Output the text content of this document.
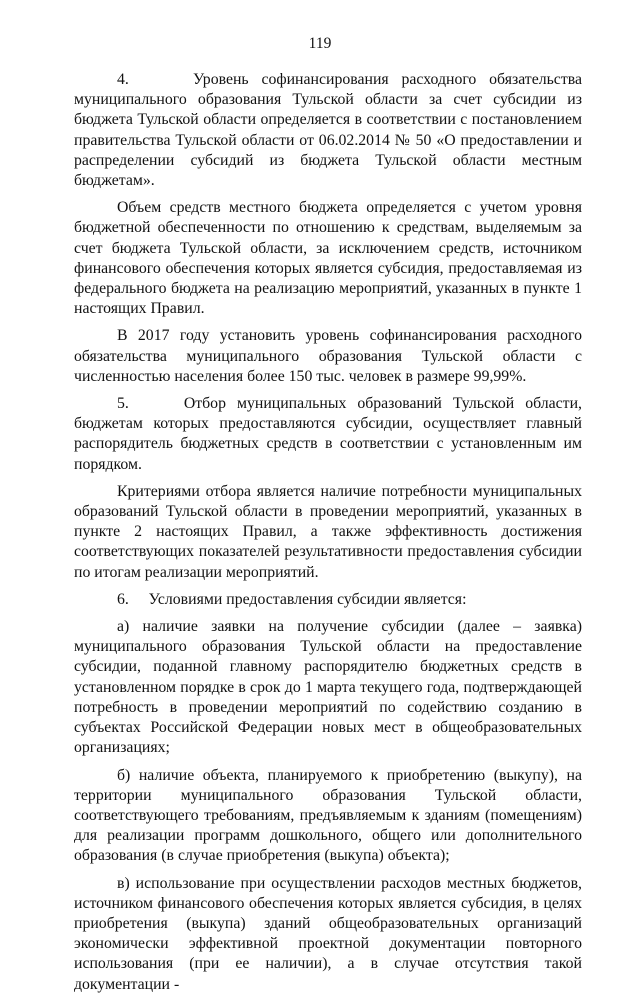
119

4.     Уровень софинансирования расходного обязательства муниципального образования Тульской области за счет субсидии из бюджета Тульской области определяется в соответствии с постановлением правительства Тульской области от 06.02.2014 № 50 «О предоставлении и распределении субсидий из бюджета Тульской области местным бюджетам».

Объем средств местного бюджета определяется с учетом уровня бюджетной обеспеченности по отношению к средствам, выделяемым за счет бюджета Тульской области, за исключением средств, источником финансового обеспечения которых является субсидия, предоставляемая из федерального бюджета на реализацию мероприятий, указанных в пункте 1 настоящих Правил.

В 2017 году установить уровень софинансирования расходного обязательства муниципального образования Тульской области с численностью населения более 150 тыс. человек в размере 99,99%.

5.     Отбор муниципальных образований Тульской области, бюджетам которых предоставляются субсидии, осуществляет главный распорядитель бюджетных средств в соответствии с установленным им порядком.

Критериями отбора является наличие потребности муниципальных образований Тульской области в проведении мероприятий, указанных в пункте 2 настоящих Правил, а также эффективность достижения соответствующих показателей результативности предоставления субсидии по итогам реализации мероприятий.

6.     Условиями предоставления субсидии является:

а) наличие заявки на получение субсидии (далее – заявка) муниципального образования Тульской области на предоставление субсидии, поданной главному распорядителю бюджетных средств в установленном порядке в срок до 1 марта текущего года, подтверждающей потребность в проведении мероприятий по содействию созданию в субъектах Российской Федерации новых мест в общеобразовательных организациях;

б) наличие объекта, планируемого к приобретению (выкупу), на территории муниципального образования Тульской области, соответствующего требованиям, предъявляемым к зданиям (помещениям) для реализации программ дошкольного, общего или дополнительного образования (в случае приобретения (выкупа) объекта);

в) использование при осуществлении расходов местных бюджетов, источником финансового обеспечения которых является субсидия, в целях приобретения (выкупа) зданий общеобразовательных организаций экономически эффективной проектной документации повторного использования (при ее наличии), а в случае отсутствия такой документации -
